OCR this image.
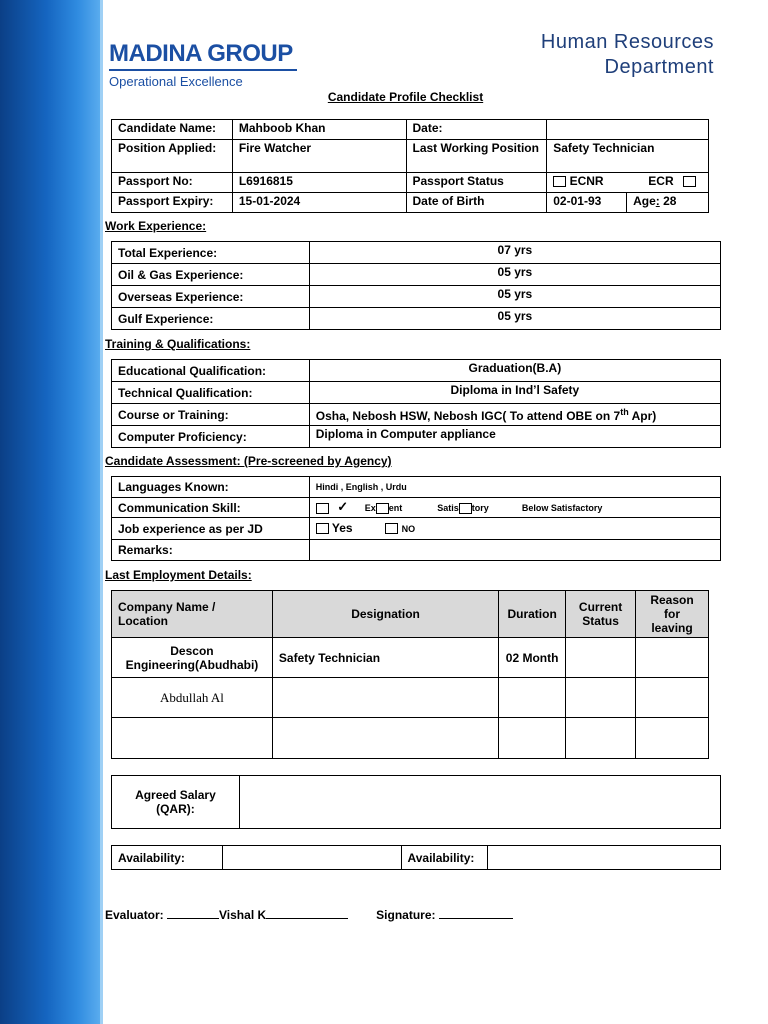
MADINA GROUP
Operational Excellence
Human Resources
Department
Candidate Profile Checklist
Candidate Name:	Mahboob Khan	Date:		
Position Applied:	Fire Watcher	Last Working Position	Safety Technician	
Passport No:	L6916815	Passport Status	ECNR ECR	
Passport Expiry:	15-01-2024	Date of Birth	02-01-93	Age: 28
Work Experience:
Total Experience:	07 yrs
Oil & Gas Experience:	05 yrs
Overseas Experience:	05 yrs
Gulf Experience:	05 yrs
Training & Qualifications:
Educational Qualification:	Graduation(B.A)
Technical Qualification:	Diploma in Ind’l Safety
Course or Training:	Osha, Nebosh HSW, Nebosh IGC( To attend OBE on 7th Apr)
Computer Proficiency:	Diploma in Computer appliance
Candidate Assessment: (Pre-screened by Agency)
Languages Known:	Hindi , English , Urdu
Communication Skill:	✓ Ex ent Satis tory Below Satisfactory
Job experience as per JD	Yes NO
Remarks:	
Last Employment Details:
Company Name / Location	Designation	Duration	Current Status	Reason for leaving
Descon Engineering(Abudhabi)	Safety Technician	02 Month		
Abdullah Al				

Agreed Salary (QAR):	
Availability:		Availability:	
Evaluator:	Vishal K	Signature:
